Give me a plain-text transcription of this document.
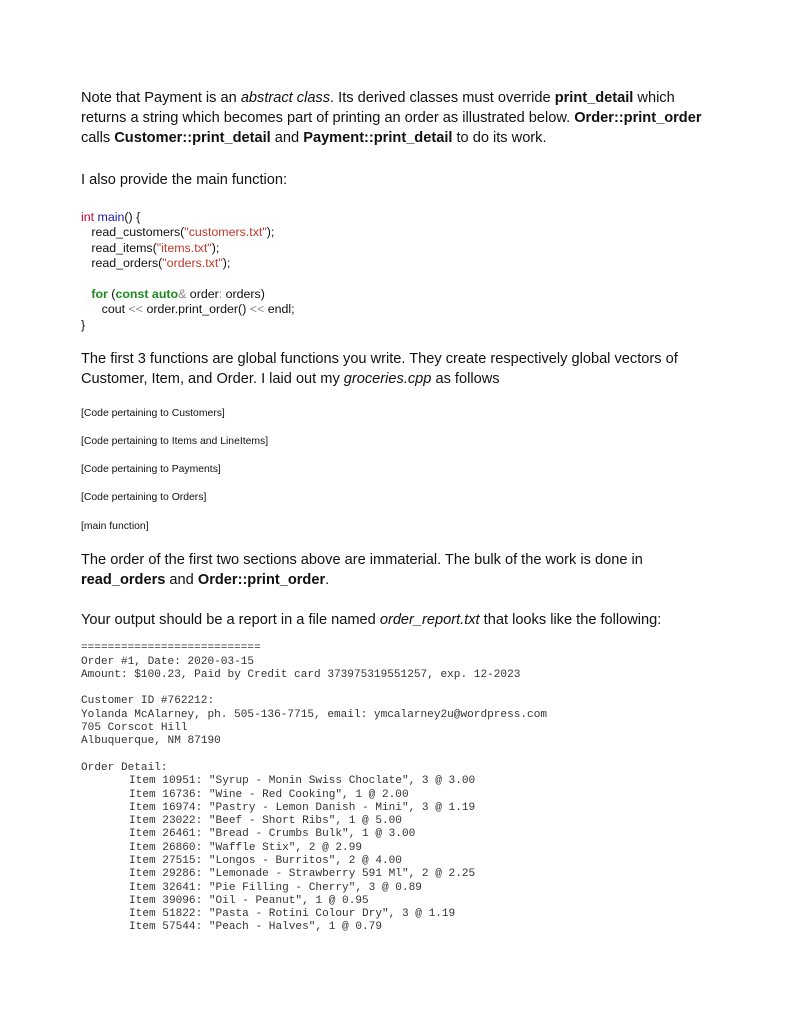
Note that Payment is an abstract class. Its derived classes must override print_detail which returns a string which becomes part of printing an order as illustrated below. Order::print_order calls Customer::print_detail and Payment::print_detail to do its work.

I also provide the main function:

int main() {

read_customers("customers.txt");

read_items("items.txt");

read_orders("orders.txt");

for (const auto& order: orders)

cout << order.print_order() << endl;

}

The first 3 functions are global functions you write. They create respectively global vectors of Customer, Item, and Order. I laid out my groceries.cpp as follows

[Code pertaining to Customers]

[Code pertaining to Items and LineItems]

[Code pertaining to Payments]

[Code pertaining to Orders]

[main function]

The order of the first two sections above are immaterial. The bulk of the work is done in read_orders and Order::print_order.

Your output should be a report in a file named order_report.txt that looks like the following:

===========================

Order #1, Date: 2020-03-15

Amount: $100.23, Paid by Credit card 373975319551257, exp. 12-2023

Customer ID #762212:

Yolanda McAlarney, ph. 505-136-7715, email: ymcalarney2u@wordpress.com

705 Corscot Hill

Albuquerque, NM 87190

Order Detail:

Item 10951: "Syrup - Monin Swiss Choclate", 3 @ 3.00

Item 16736: "Wine - Red Cooking", 1 @ 2.00

Item 16974: "Pastry - Lemon Danish - Mini", 3 @ 1.19

Item 23022: "Beef - Short Ribs", 1 @ 5.00

Item 26461: "Bread - Crumbs Bulk", 1 @ 3.00

Item 26860: "Waffle Stix", 2 @ 2.99

Item 27515: "Longos - Burritos", 2 @ 4.00

Item 29286: "Lemonade - Strawberry 591 Ml", 2 @ 2.25

Item 32641: "Pie Filling - Cherry", 3 @ 0.89

Item 39096: "Oil - Peanut", 1 @ 0.95

Item 51822: "Pasta - Rotini Colour Dry", 3 @ 1.19

Item 57544: "Peach - Halves", 1 @ 0.79
